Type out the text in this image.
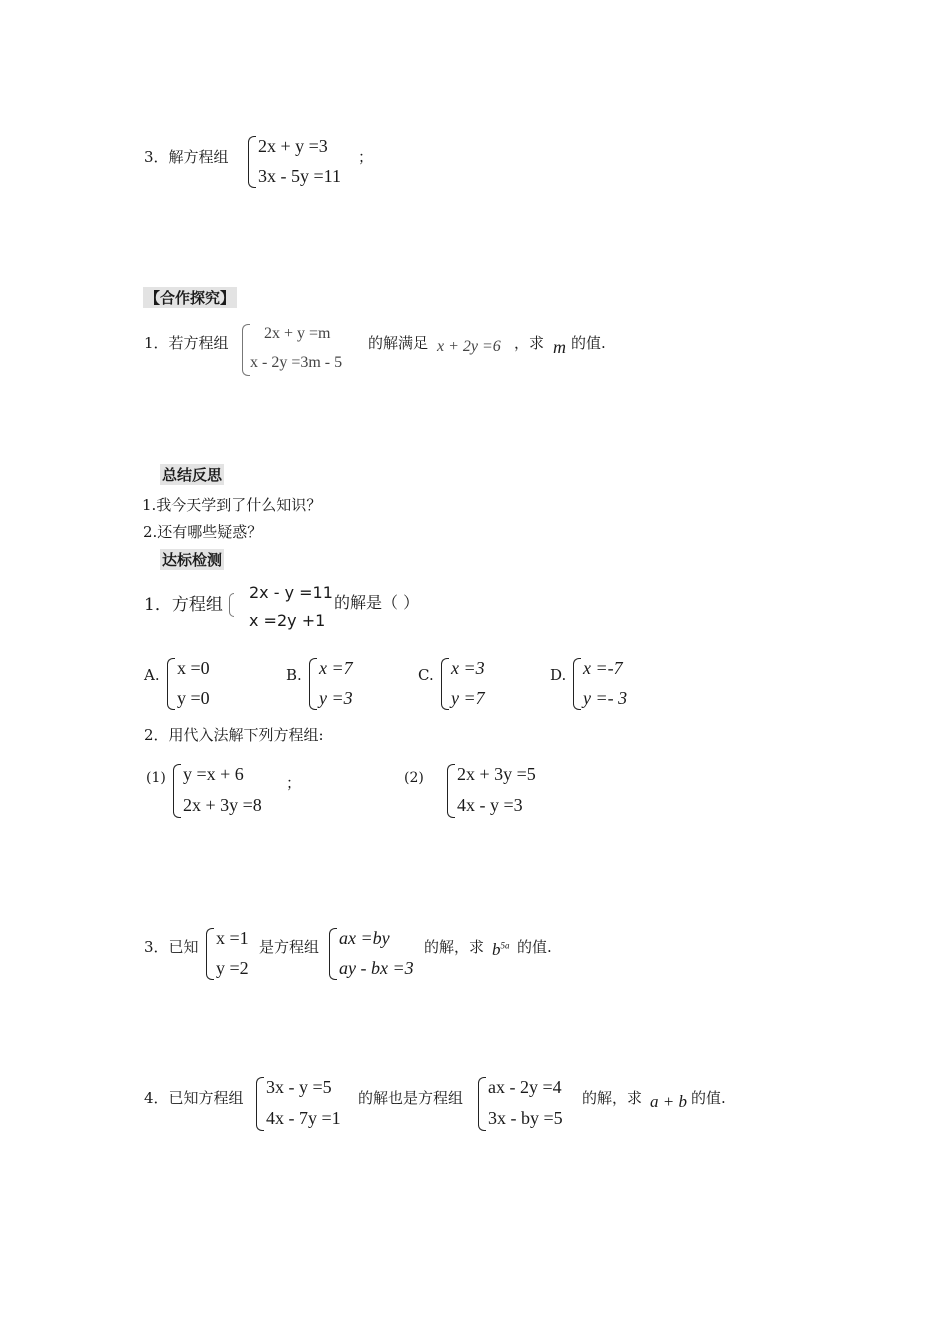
3．解方程组
2x + y =3
3x - 5y =11
；
【合作探究】
1．若方程组
2x + y =m
x - 2y =3m - 5
的解满足 x + 2y =6 ，求 m 的值.
总结反思
1.我今天学到了什么知识？
2.还有哪些疑惑？
达标检测
1．方程组
2x - y =11
x =2y +1
的解是（ ）
A. x =0
y =0
B. x =7
y =3
C. x =3
y =7
D. x =-7
y =- 3
2．用代入法解下列方程组:
(1) y =x + 6
2x + 3y =8
；	(2) 2x + 3y =5
4x - y =3
3．已知 x =1
y =2
是方程组 ax =by
ay - bx =3
的解，求 $b^{5a}$ 的值.
4．已知方程组
3x - y =5
4x - 7y =1
的解也是方程组
ax - 2y =4
3x - by =5
的解，求 a + b 的值.
